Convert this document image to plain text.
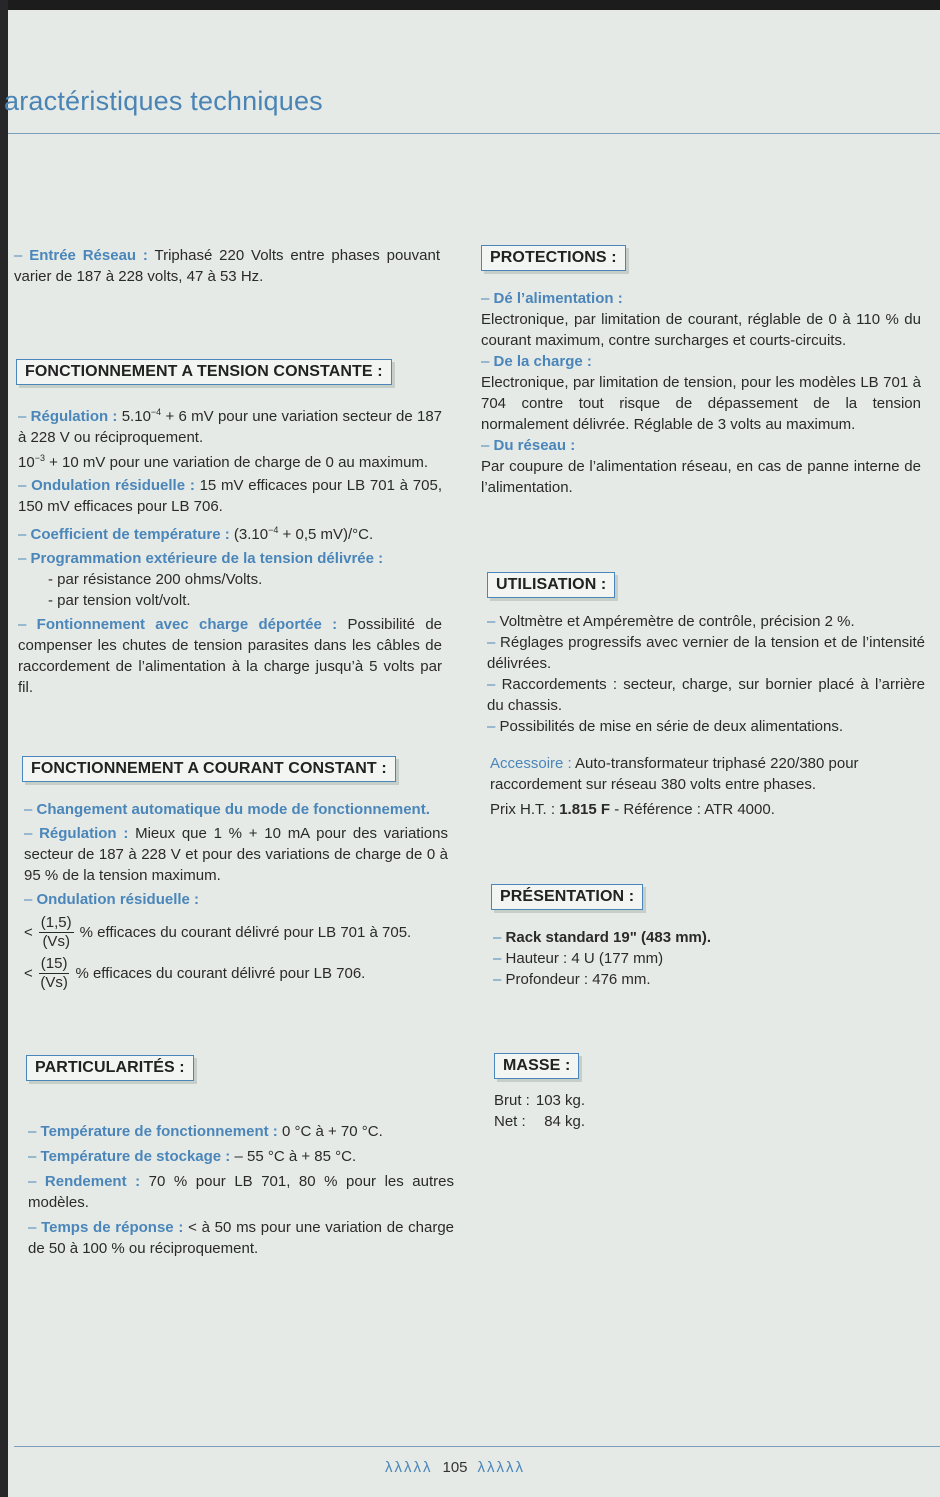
aractéristiques techniques

– Entrée Réseau : Triphasé 220 Volts entre phases pouvant varier de 187 à 228 volts, 47 à 53 Hz.

FONCTIONNEMENT A TENSION CONSTANTE :

– Régulation : $5.10^{-4} + 6$ mV pour une variation secteur de 187 à 228 V ou réciproquement.
$10^{-3} + 10$ mV pour une variation de charge de 0 au maximum.

– Ondulation résiduelle : 15 mV efficaces pour LB 701 à 705, 150 mV efficaces pour LB 706.

– Coefficient de température : ($3.10^{-4} + 0,5$ mV)/°C.

– Programmation extérieure de la tension délivrée :

- par résistance 200 ohms/Volts.

- par tension volt/volt.

– Fontionnement avec charge déportée : Possibilité de compenser les chutes de tension parasites dans les câbles de raccordement de l’alimentation à la charge jusqu’à 5 volts par fil.

FONCTIONNEMENT A COURANT CONSTANT :

– Changement automatique du mode de fonctionnement.

– Régulation : Mieux que 1 % + 10 mA pour des variations secteur de 187 à 228 V et pour des variations de charge de 0 à 95 % de la tension maximum.

– Ondulation résiduelle :

< $\frac{(1,5)}{(Vs)}$ % efficaces du courant délivré pour LB 701 à 705.
< $\frac{(15)}{(Vs)}$ % efficaces du courant délivré pour LB 706.
PARTICULARITÉS :

– Température de fonctionnement : 0 °C à + 70 °C.

– Température de stockage : – 55 °C à + 85 °C.

– Rendement : 70 % pour LB 701, 80 % pour les autres modèles.

– Temps de réponse : < à 50 ms pour une variation de charge de 50 à 100 % ou réciproquement.

PROTECTIONS :

– Dé l’alimentation :

Electronique, par limitation de courant, réglable de 0 à 110 % du courant maximum, contre surcharges et courts-circuits.

– De la charge :

Electronique, par limitation de tension, pour les modèles LB 701 à 704 contre tout risque de dépassement de la tension normalement délivrée. Réglable de 3 volts au maximum.

– Du réseau :

Par coupure de l’alimentation réseau, en cas de panne interne de l’alimentation.

UTILISATION :

– Voltmètre et Ampéremètre de contrôle, précision 2 %.

– Réglages progressifs avec vernier de la tension et de l’intensité délivrées.

– Raccordements : secteur, charge, sur bornier placé à l’arrière du chassis.

– Possibilités de mise en série de deux alimentations.

Accessoire : Auto-transformateur triphasé 220/380 pour raccordement sur réseau 380 volts entre phases.

Prix H.T. : 1.815 F - Référence : ATR 4000.

PRÉSENTATION :

– Rack standard 19" (483 mm).

– Hauteur : 4 U (177 mm)

– Profondeur : 476 mm.

MASSE :
Brut :	103 kg.
Net :	84 kg.
λλλλλ 105 λλλλλ
